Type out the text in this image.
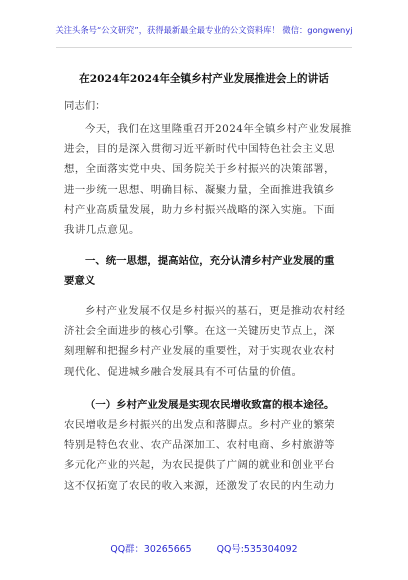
关注头条号“公文研究”，获得最新最全最专业的公文资料库！ 微信：gongwenyj
在2024年2024年全镇乡村产业发展推进会上的讲话
同志们：

今天，我们在这里隆重召开2024年全镇乡村产业发展推
进会，目的是深入贯彻习近平新时代中国特色社会主义思
想，全面落实党中央、国务院关于乡村振兴的决策部署，
进一步统一思想、明确目标、凝聚力量，全面推进我镇乡
村产业高质量发展，助力乡村振兴战略的深入实施。下面
我讲几点意见。

一、统一思想，提高站位，充分认清乡村产业发展的重
要意义

乡村产业发展不仅是乡村振兴的基石，更是推动农村经
济社会全面进步的核心引擎。在这一关键历史节点上，深
刻理解和把握乡村产业发展的重要性，对于实现农业农村
现代化、促进城乡融合发展具有不可估量的价值。

（一）乡村产业发展是实现农民增收致富的根本途径。

农民增收是乡村振兴的出发点和落脚点。乡村产业的繁荣
特别是特色农业、农产品深加工、农村电商、乡村旅游等
多元化产业的兴起，为农民提供了广阔的就业和创业平台
这不仅拓宽了农民的收入来源，还激发了农民的内生动力

QQ群：30265665	QQ号:535304092
